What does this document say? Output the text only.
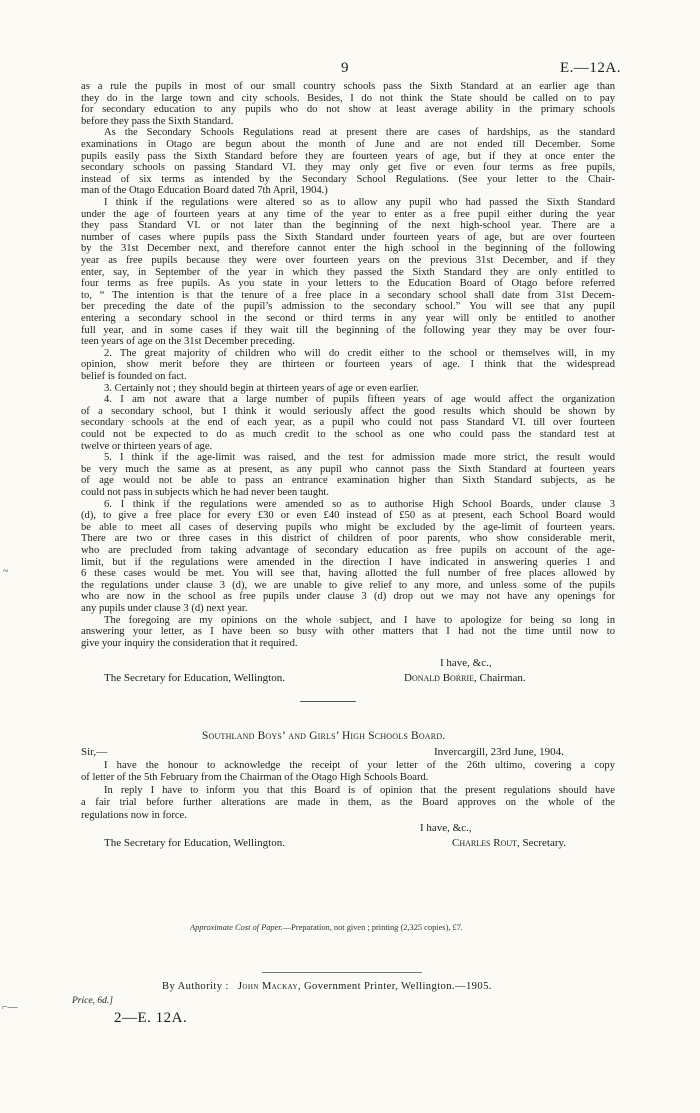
9	E.—12A.
as a rule the pupils in most of our small country schools pass the Sixth Standard at an earlier age than
they do in the large town and city schools. Besides, I do not think the State should be called on to pay
for secondary education to any pupils who do not show at least average ability in the primary schools
before they pass the Sixth Standard.
As the Secondary Schools Regulations read at present there are cases of hardships, as the standard
examinations in Otago are begun about the month of June and are not ended till December. Some
pupils easily pass the Sixth Standard before they are fourteen years of age, but if they at once enter the
secondary schools on passing Standard VI. they may only get five or even four terms as free pupils,
instead of six terms as intended by the Secondary School Regulations. (See your letter to the Chair-
man of the Otago Education Board dated 7th April, 1904.)
I think if the regulations were altered so as to allow any pupil who had passed the Sixth Standard
under the age of fourteen years at any time of the year to enter as a free pupil either during the year
they pass Standard VI. or not later than the beginning of the next high-school year. There are a
number of cases where pupils pass the Sixth Standard under fourteen years of age, but are over fourteen
by the 31st December next, and therefore cannot enter the high school in the beginning of the following
year as free pupils because they were over fourteen years on the previous 31st December, and if they
enter, say, in September of the year in which they passed the Sixth Standard they are only entitled to
four terms as free pupils. As you state in your letters to the Education Board of Otago before referred
to, “ The intention is that the tenure of a free place in a secondary school shall date from 31st Decem-
ber preceding the date of the pupil’s admission to the secondary school.” You will see that any pupil
entering a secondary school in the second or third terms in any year will only be entitled to another
full year, and in some cases if they wait till the beginning of the following year they may be over four-
teen years of age on the 31st December preceding.
2. The great majority of children who will do credit either to the school or themselves will, in my
opinion, show merit before they are thirteen or fourteen years of age. I think that the widespread
belief is founded on fact.
3. Certainly not ; they should begin at thirteen years of age or even earlier.
4. I am not aware that a large number of pupils fifteen years of age would affect the organization
of a secondary school, but I think it would seriously affect the good results which should be shown by
secondary schools at the end of each year, as a pupil who could not pass Standard VI. till over fourteen
could not be expected to do as much credit to the school as one who could pass the standard test at
twelve or thirteen years of age.
5. I think if the age-limit was raised, and the test for admission made more strict, the result would
be very much the same as at present, as any pupil who cannot pass the Sixth Standard at fourteen years
of age would not be able to pass an entrance examination higher than Sixth Standard subjects, as he
could not pass in subjects which he had never been taught.
6. I think if the regulations were amended so as to authorise High School Boards, under clause 3
(d), to give a free place for every £30 or even £40 instead of £50 as at present, each School Board would
be able to meet all cases of deserving pupils who might be excluded by the age-limit of fourteen years.
There are two or three cases in this district of children of poor parents, who show considerable merit,
who are precluded from taking advantage of secondary education as free pupils on account of the age-
limit, but if the regulations were amended in the direction I have indicated in answering queries 1 and
6 these cases would be met. You will see that, having allotted the full number of free places allowed by
the regulations under clause 3 (d), we are unable to give relief to any more, and unless some of the pupils
who are now in the school as free pupils under clause 3 (d) drop out we may not have any openings for
any pupils under clause 3 (d) next year.
The foregoing are my opinions on the whole subject, and I have to apologize for being so long in
answering your letter, as I have been so busy with other matters that I had not the time until now to
give your inquiry the consideration that it required.
I have, &c.,
The Secretary for Education, Wellington.	Donald Borrie, Chairman.
Southland Boys’ and Girls’ High Schools Board.
Sir,—	Invercargill, 23rd June, 1904.
I have the honour to acknowledge the receipt of your letter of the 26th ultimo, covering a copy
of letter of the 5th February from the Chairman of the Otago High Schools Board.
In reply I have to inform you that this Board is of opinion that the present regulations should have
a fair trial before further alterations are made in them, as the Board approves on the whole of the
regulations now in force.
I have, &c.,
The Secretary for Education, Wellington.	Charles Rout, Secretary.
Approximate Cost of Paper.—Preparation, not given ; printing (2,325 copies), £7.
By Authority : John Mackay, Government Printer, Wellington.—1905.
Price, 6d.]
2—E. 12A.
~
⌐—
